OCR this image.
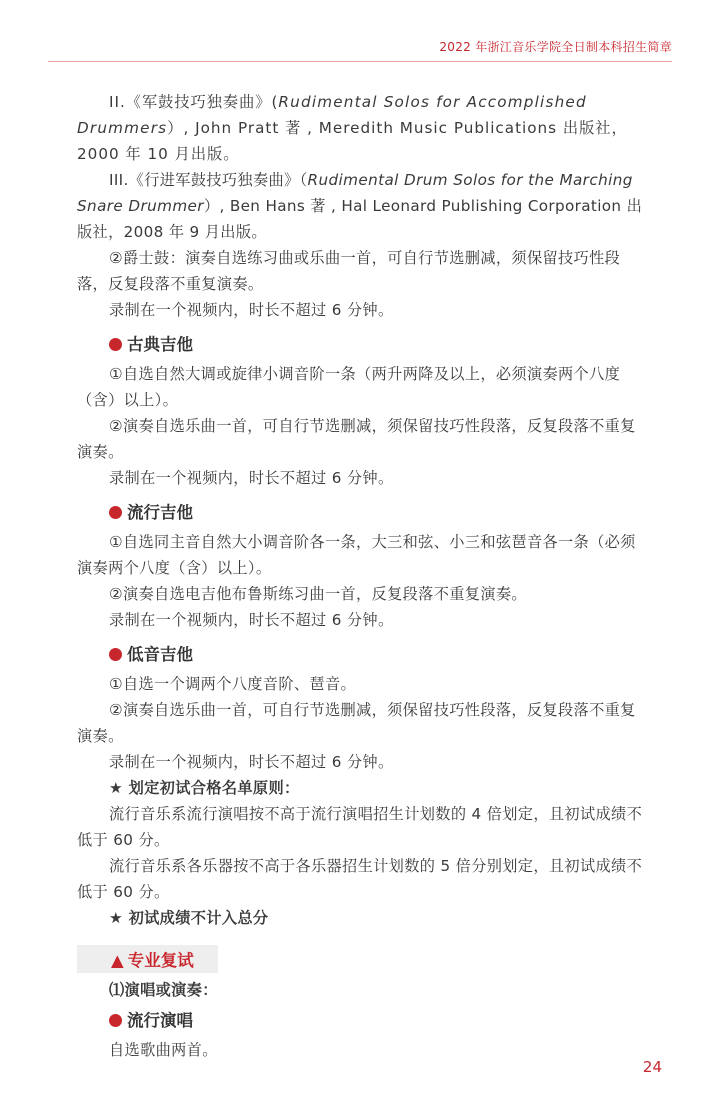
2022 年浙江音乐学院全日制本科招生简章

II.《军鼓技巧独奏曲》(Rudimental Solos for Accomplished Drummers）, John Pratt 著 , Meredith Music Publications 出版社，2000 年 10 月出版。

III.《行进军鼓技巧独奏曲》（Rudimental Drum Solos for the Marching Snare Drummer）, Ben Hans 著 , Hal Leonard Publishing Corporation 出版社，2008 年 9 月出版。

②爵士鼓：演奏自选练习曲或乐曲一首，可自行节选删减，须保留技巧性段落，反复段落不重复演奏。

录制在一个视频内，时长不超过 6 分钟。

古典吉他

①自选自然大调或旋律小调音阶一条（两升两降及以上，必须演奏两个八度（含）以上）。

②演奏自选乐曲一首，可自行节选删减，须保留技巧性段落，反复段落不重复演奏。

录制在一个视频内，时长不超过 6 分钟。

流行吉他

①自选同主音自然大小调音阶各一条，大三和弦、小三和弦琶音各一条（必须演奏两个八度（含）以上）。

②演奏自选电吉他布鲁斯练习曲一首，反复段落不重复演奏。

录制在一个视频内，时长不超过 6 分钟。

低音吉他

①自选一个调两个八度音阶、琶音。

②演奏自选乐曲一首，可自行节选删减，须保留技巧性段落，反复段落不重复演奏。

录制在一个视频内，时长不超过 6 分钟。

★ 划定初试合格名单原则：

流行音乐系流行演唱按不高于流行演唱招生计划数的 4 倍划定，且初试成绩不低于 60 分。

流行音乐系各乐器按不高于各乐器招生计划数的 5 倍分别划定，且初试成绩不低于 60 分。

★ 初试成绩不计入总分

▲ 专业复试

⑴演唱或演奏：

流行演唱

自选歌曲两首。

24
